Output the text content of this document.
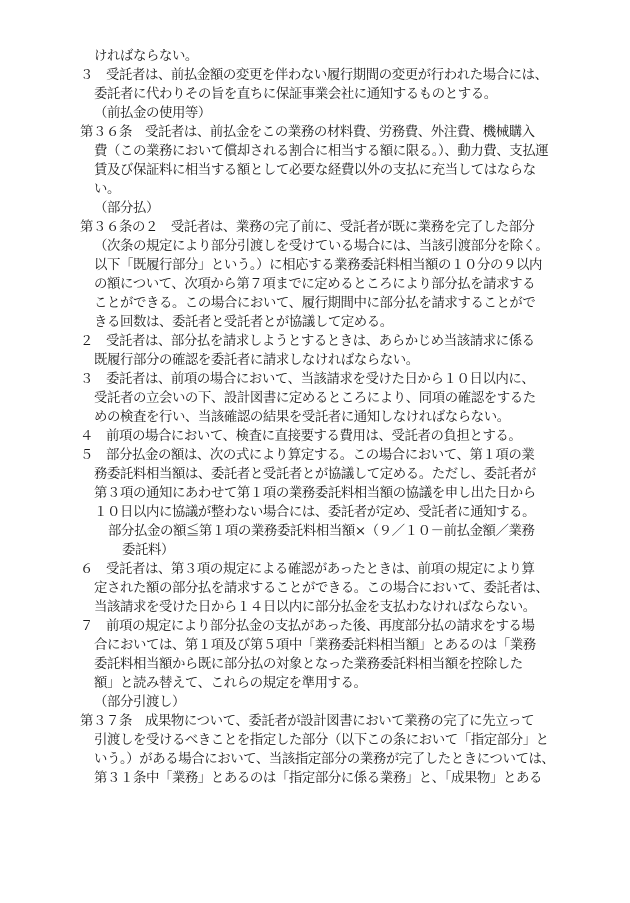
ければならない。
３　受託者は、前払金額の変更を伴わない履行期間の変更が行われた場合には、
委託者に代わりその旨を直ちに保証事業会社に通知するものとする。
（前払金の使用等）
第３６条　受託者は、前払金をこの業務の材料費、労務費、外注費、機械購入
費（この業務において償却される割合に相当する額に限る。）、動力費、支払運
賃及び保証料に相当する額として必要な経費以外の支払に充当してはならな
い。
（部分払）
第３６条の２　受託者は、業務の完了前に、受託者が既に業務を完了した部分
（次条の規定により部分引渡しを受けている場合には、当該引渡部分を除く。
以下「既履行部分」という。）に相応する業務委託料相当額の１０分の９以内
の額について、次項から第７項までに定めるところにより部分払を請求する
ことができる。この場合において、履行期間中に部分払を請求することがで
きる回数は、委託者と受託者とが協議して定める。
２　受託者は、部分払を請求しようとするときは、あらかじめ当該請求に係る
既履行部分の確認を委託者に請求しなければならない。
３　委託者は、前項の場合において、当該請求を受けた日から１０日以内に、
受託者の立会いの下、設計図書に定めるところにより、同項の確認をするた
めの検査を行い、当該確認の結果を受託者に通知しなければならない。
４　前項の場合において、検査に直接要する費用は、受託者の負担とする。
５　部分払金の額は、次の式により算定する。この場合において、第１項の業
務委託料相当額は、委託者と受託者とが協議して定める。ただし、委託者が
第３項の通知にあわせて第１項の業務委託料相当額の協議を申し出た日から
１０日以内に協議が整わない場合には、委託者が定め、受託者に通知する。
部分払金の額≦第１項の業務委託料相当額×（９／１０－前払金額／業務
委託料）
６　受託者は、第３項の規定による確認があったときは、前項の規定により算
定された額の部分払を請求することができる。この場合において、委託者は、
当該請求を受けた日から１４日以内に部分払金を支払わなければならない。
７　前項の規定により部分払金の支払があった後、再度部分払の請求をする場
合においては、第１項及び第５項中「業務委託料相当額」とあるのは「業務
委託料相当額から既に部分払の対象となった業務委託料相当額を控除した
額」と読み替えて、これらの規定を準用する。
（部分引渡し）
第３７条　成果物について、委託者が設計図書において業務の完了に先立って
引渡しを受けるべきことを指定した部分（以下この条において「指定部分」と
いう。）がある場合において、当該指定部分の業務が完了したときについては、
第３１条中「業務」とあるのは「指定部分に係る業務」と、「成果物」とある
